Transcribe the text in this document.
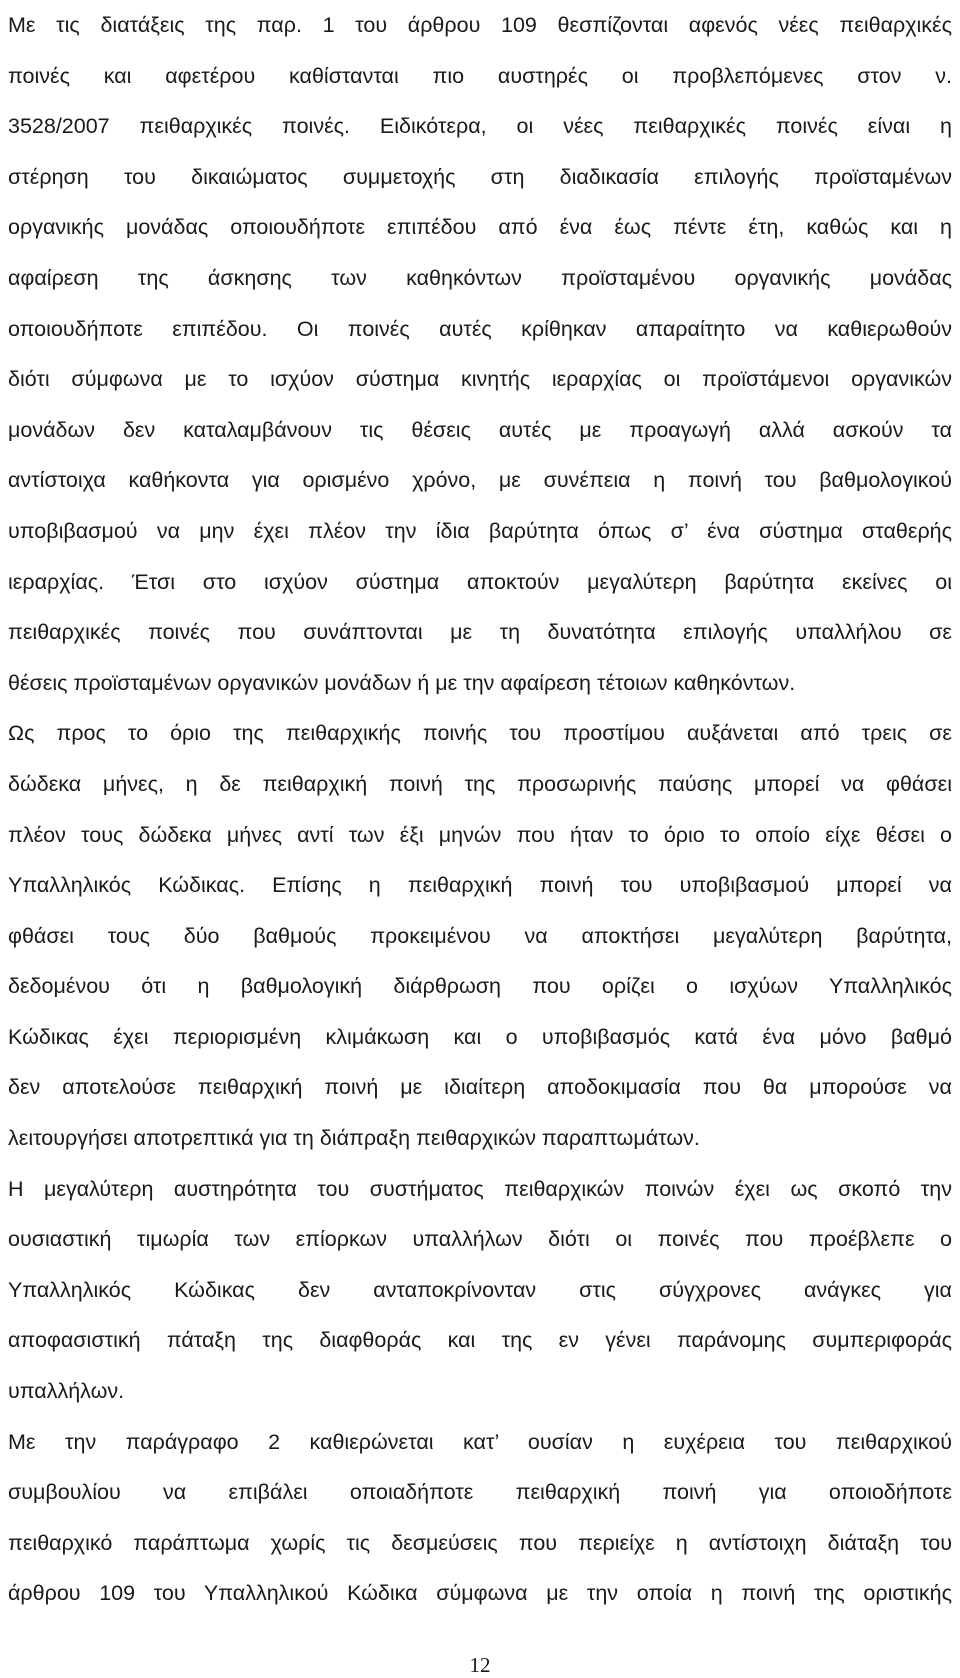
Με τις διατάξεις της παρ. 1 του άρθρου 109 θεσπίζονται αφενός νέες πειθαρχικές
ποινές και αφετέρου καθίστανται πιο αυστηρές οι προβλεπόμενες στον ν.
3528/2007 πειθαρχικές ποινές. Ειδικότερα, οι νέες πειθαρχικές ποινές είναι η
στέρηση του δικαιώματος συμμετοχής στη διαδικασία επιλογής προϊσταμένων
οργανικής μονάδας οποιουδήποτε επιπέδου από ένα έως πέντε έτη, καθώς και η
αφαίρεση της άσκησης των καθηκόντων προϊσταμένου οργανικής μονάδας
οποιουδήποτε επιπέδου. Οι ποινές αυτές κρίθηκαν απαραίτητο να καθιερωθούν
διότι σύμφωνα με το ισχύον σύστημα κινητής ιεραρχίας οι προϊστάμενοι οργανικών
μονάδων δεν καταλαμβάνουν τις θέσεις αυτές με προαγωγή αλλά ασκούν τα
αντίστοιχα καθήκοντα για ορισμένο χρόνο, με συνέπεια η ποινή του βαθμολογικού
υποβιβασμού να μην έχει πλέον την ίδια βαρύτητα όπως σ’ ένα σύστημα σταθερής
ιεραρχίας. Έτσι στο ισχύον σύστημα αποκτούν μεγαλύτερη βαρύτητα εκείνες οι
πειθαρχικές ποινές που συνάπτονται με τη δυνατότητα επιλογής υπαλλήλου σε
θέσεις προϊσταμένων οργανικών μονάδων ή με την αφαίρεση τέτοιων καθηκόντων.
Ως προς το όριο της πειθαρχικής ποινής του προστίμου αυξάνεται από τρεις σε
δώδεκα μήνες, η δε πειθαρχική ποινή της προσωρινής παύσης μπορεί να φθάσει
πλέον τους δώδεκα μήνες αντί των έξι μηνών που ήταν το όριο το οποίο είχε θέσει ο
Υπαλληλικός Κώδικας. Επίσης η πειθαρχική ποινή του υποβιβασμού μπορεί να
φθάσει τους δύο βαθμούς προκειμένου να αποκτήσει μεγαλύτερη βαρύτητα,
δεδομένου ότι η βαθμολογική διάρθρωση που ορίζει ο ισχύων Υπαλληλικός
Κώδικας έχει περιορισμένη κλιμάκωση και ο υποβιβασμός κατά ένα μόνο βαθμό
δεν αποτελούσε πειθαρχική ποινή με ιδιαίτερη αποδοκιμασία που θα μπορούσε να
λειτουργήσει αποτρεπτικά για τη διάπραξη πειθαρχικών παραπτωμάτων.
Η μεγαλύτερη αυστηρότητα του συστήματος πειθαρχικών ποινών έχει ως σκοπό την
ουσιαστική τιμωρία των επίορκων υπαλλήλων διότι οι ποινές που προέβλεπε ο
Υπαλληλικός Κώδικας δεν ανταποκρίνονταν στις σύγχρονες ανάγκες για
αποφασιστική πάταξη της διαφθοράς και της εν γένει παράνομης συμπεριφοράς
υπαλλήλων.
Με την παράγραφο 2 καθιερώνεται κατ’ ουσίαν η ευχέρεια του πειθαρχικού
συμβουλίου να επιβάλει οποιαδήποτε πειθαρχική ποινή για οποιοδήποτε
πειθαρχικό παράπτωμα χωρίς τις δεσμεύσεις που περιείχε η αντίστοιχη διάταξη του
άρθρου 109 του Υπαλληλικού Κώδικα σύμφωνα με την οποία η ποινή της οριστικής
12
